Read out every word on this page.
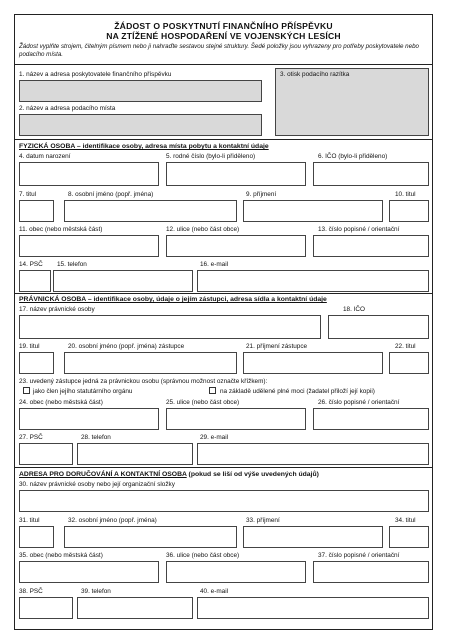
ŽÁDOST O POSKYTNUTÍ FINANČNÍHO PŘÍSPĚVKU
NA ZTÍŽENÉ HOSPODAŘENÍ VE VOJENSKÝCH LESÍCH
Žádost vyplňte strojem, čitelným písmem nebo ji nahraďte sestavou stejné struktury. Šedé položky jsou vyhrazeny pro potřeby poskytovatele nebo podacího místa.
1. název a adresa poskytovatele finančního příspěvku
2. název a adresa podacího místa
3. otisk podacího razítka
FYZICKÁ OSOBA – identifikace osoby, adresa místa pobytu a kontaktní údaje
4. datum narození	5. rodné číslo (bylo-li přiděleno)	6. IČO (bylo-li přiděleno)
7. titul	8. osobní jméno (popř. jména)	9. příjmení	10. titul
11. obec (nebo městská část)	12. ulice (nebo část obce)	13. číslo popisné / orientační
14. PSČ 15. telefon	16. e-mail
PRÁVNICKÁ OSOBA – identifikace osoby, údaje o jejím zástupci, adresa sídla a kontaktní údaje
17. název právnické osoby	18. IČO
19. titul	20. osobní jméno (popř. jména) zástupce	21. příjmení zástupce	22. titul
23. uvedený zástupce jedná za právnickou osobu (správnou možnost označte křížkem):
jako člen jejího statutárního orgánu	na základě udělené plné moci (žadatel přiloží její kopii)
24. obec (nebo městská část)	25. ulice (nebo část obce)	26. číslo popisné / orientační
27. PSČ	28. telefon	29. e-mail
ADRESA PRO DORUČOVÁNÍ A KONTAKTNÍ OSOBA (pokud se liší od výše uvedených údajů)
30. název právnické osoby nebo její organizační složky
31. titul	32. osobní jméno (popř. jména)	33. příjmení	34. titul
35. obec (nebo městská část)	36. ulice (nebo část obce)	37. číslo popisné / orientační
38. PSČ	39. telefon	40. e-mail
